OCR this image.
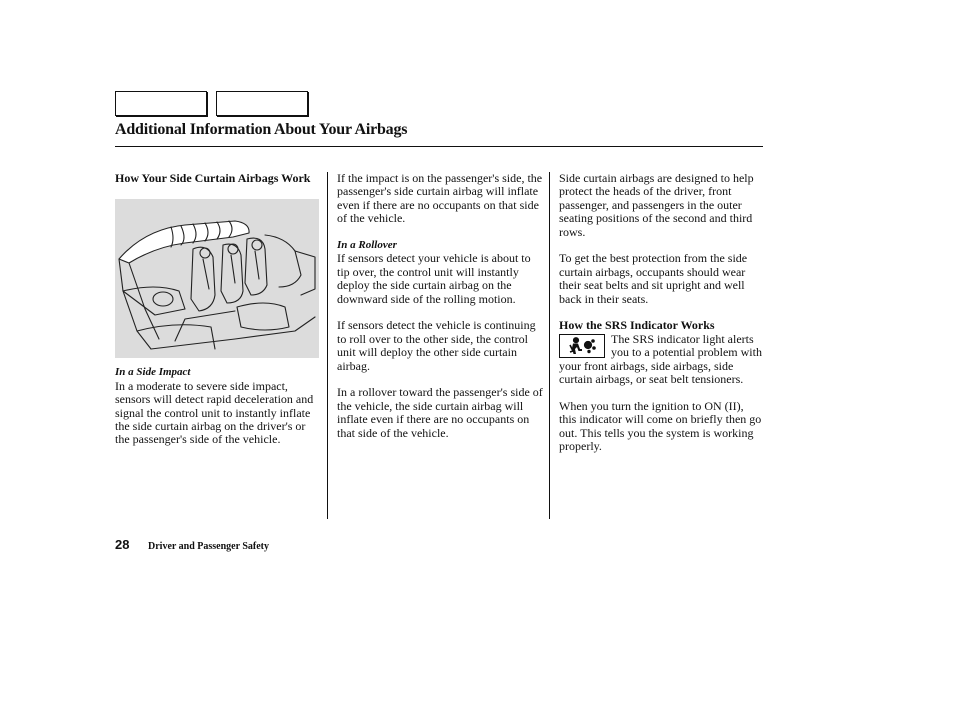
Additional Information About Your Airbags

How Your Side Curtain Airbags Work

In a Side Impact

In a moderate to severe side impact, sensors will detect rapid deceleration and signal the control unit to instantly inflate the side curtain airbag on the driver's or the passenger's side of the vehicle.

If the impact is on the passenger's side, the passenger's side curtain airbag will inflate even if there are no occupants on that side of the vehicle.

In a Rollover

If sensors detect your vehicle is about to tip over, the control unit will instantly deploy the side curtain airbag on the downward side of the rolling motion.

If sensors detect the vehicle is continuing to roll over to the other side, the control unit will deploy the other side curtain airbag.

In a rollover toward the passenger's side of the vehicle, the side curtain airbag will inflate even if there are no occupants on that side of the vehicle.

Side curtain airbags are designed to help protect the heads of the driver, front passenger, and passengers in the outer seating positions of the second and third rows.

To get the best protection from the side curtain airbags, occupants should wear their seat belts and sit upright and well back in their seats.

How the SRS Indicator Works

The SRS indicator light alerts you to a potential problem with your front airbags, side airbags, side curtain airbags, or seat belt tensioners.

When you turn the ignition to ON (II), this indicator will come on briefly then go out. This tells you the system is working properly.

28 Driver and Passenger Safety
